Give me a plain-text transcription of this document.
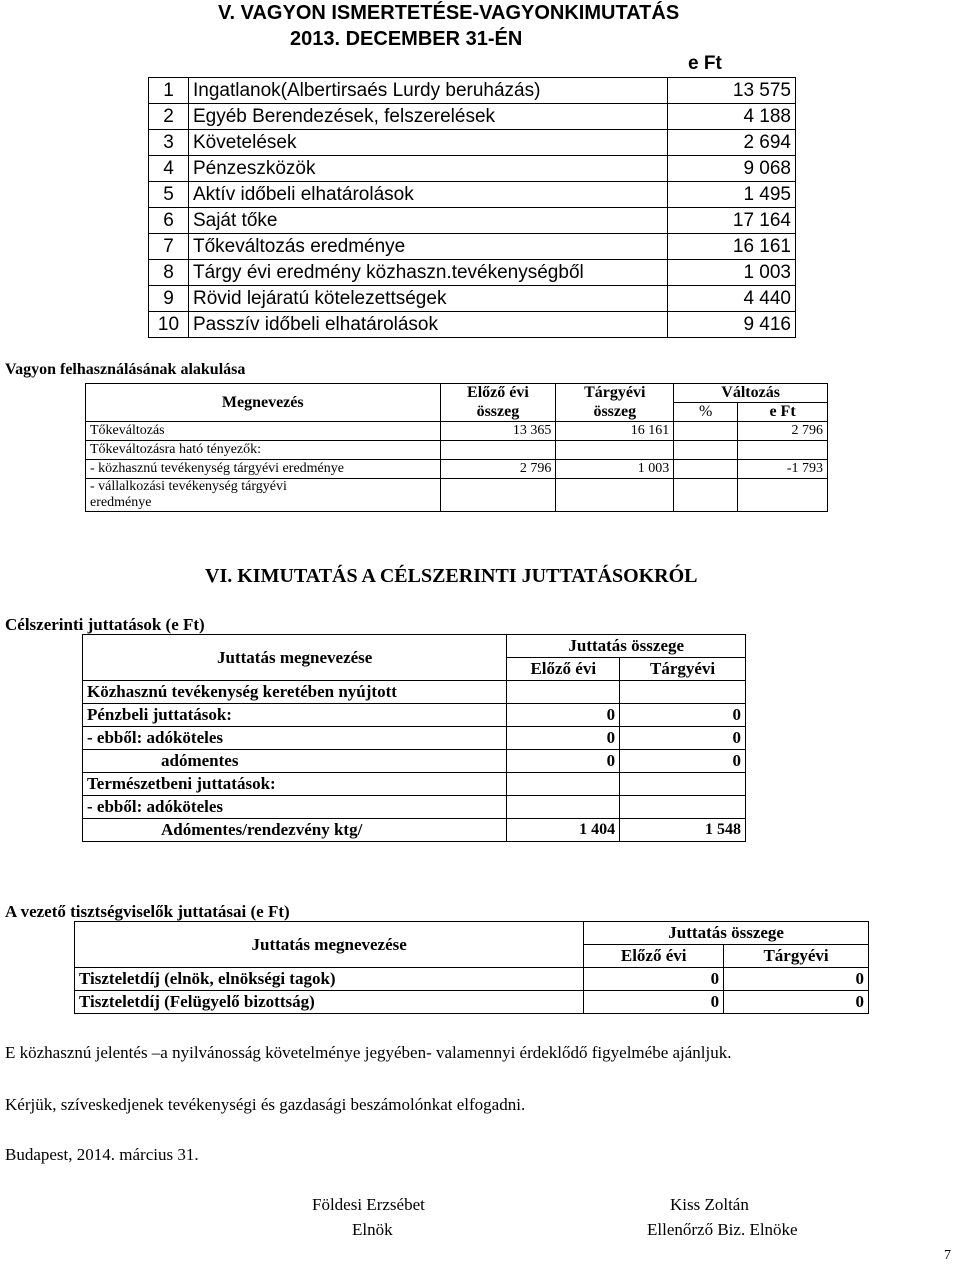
V. VAGYON ISMERTETÉSE-VAGYONKIMUTATÁS
2013. DECEMBER 31-ÉN
e Ft
1	Ingatlanok(Albertirsaés Lurdy beruházás)	13 575
2	Egyéb Berendezések, felszerelések	4 188
3	Követelések	2 694
4	Pénzeszközök	9 068
5	Aktív időbeli elhatárolások	1 495
6	Saját tőke	17 164
7	Tőkeváltozás eredménye	16 161
8	Tárgy évi eredmény közhaszn.tevékenységből	1 003
9	Rövid lejáratú kötelezettségek	4 440
10	Passzív időbeli elhatárolások	9 416
Vagyon felhasználásának alakulása
Megnevezés	Előző évi	Tárgyévi	Változás	
	összeg	összeg	%	e Ft
Tőkeváltozás	13 365	16 161		2 796
Tőkeváltozásra ható tényezők:				
- közhasznú tevékenység tárgyévi eredménye	2 796	1 003		-1 793
- vállalkozási tevékenység tárgyévi eredménye				
VI. KIMUTATÁS A CÉLSZERINTI JUTTATÁSOKRÓL
Célszerinti juttatások (e Ft)
Juttatás megnevezése	Juttatás összege	
	Előző évi	Tárgyévi
Közhasznú tevékenység keretében nyújtott		
Pénzbeli juttatások:	0	0
- ebből: adóköteles	0	0
adómentes	0	0
Természetbeni juttatások:		
- ebből: adóköteles		
Adómentes/rendezvény ktg/	1 404	1 548
A vezető tisztségviselők juttatásai (e Ft)
Juttatás megnevezése	Juttatás összege	
	Előző évi	Tárgyévi
Tiszteletdíj (elnök, elnökségi tagok)	0	0
Tiszteletdíj (Felügyelő bizottság)	0	0
E közhasznú jelentés –a nyilvánosság követelménye jegyében- valamennyi érdeklődő figyelmébe ajánljuk.
Kérjük, szíveskedjenek tevékenységi és gazdasági beszámolónkat elfogadni.
Budapest, 2014. március 31.
Földesi Erzsébet
Elnök
Kiss Zoltán
Ellenőrző Biz. Elnöke
7
